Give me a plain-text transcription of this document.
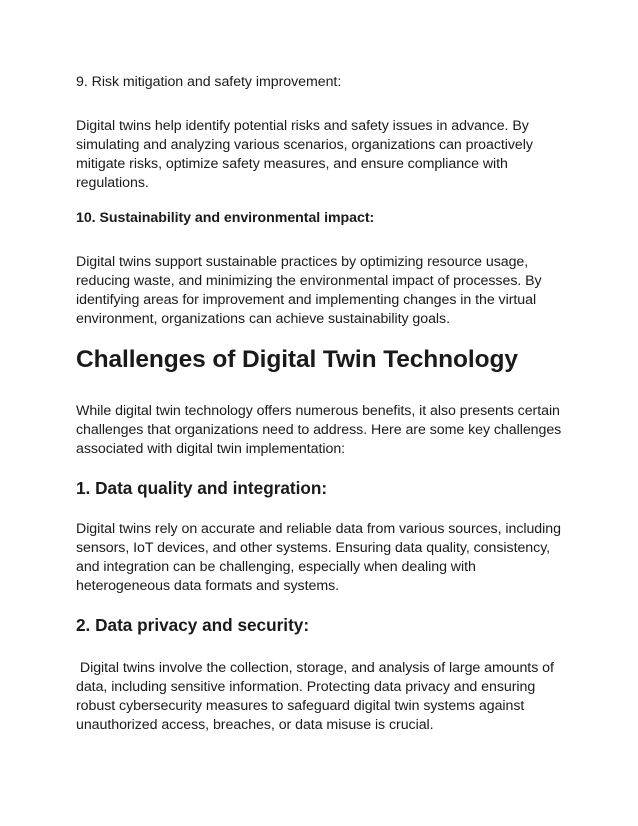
9. Risk mitigation and safety improvement:

Digital twins help identify potential risks and safety issues in advance. By simulating and analyzing various scenarios, organizations can proactively mitigate risks, optimize safety measures, and ensure compliance with regulations.

10. Sustainability and environmental impact:

Digital twins support sustainable practices by optimizing resource usage, reducing waste, and minimizing the environmental impact of processes. By identifying areas for improvement and implementing changes in the virtual environment, organizations can achieve sustainability goals.

Challenges of Digital Twin Technology

While digital twin technology offers numerous benefits, it also presents certain challenges that organizations need to address. Here are some key challenges associated with digital twin implementation:

1. Data quality and integration:

Digital twins rely on accurate and reliable data from various sources, including sensors, IoT devices, and other systems. Ensuring data quality, consistency, and integration can be challenging, especially when dealing with heterogeneous data formats and systems.

2. Data privacy and security:

Digital twins involve the collection, storage, and analysis of large amounts of data, including sensitive information. Protecting data privacy and ensuring robust cybersecurity measures to safeguard digital twin systems against unauthorized access, breaches, or data misuse is crucial.
